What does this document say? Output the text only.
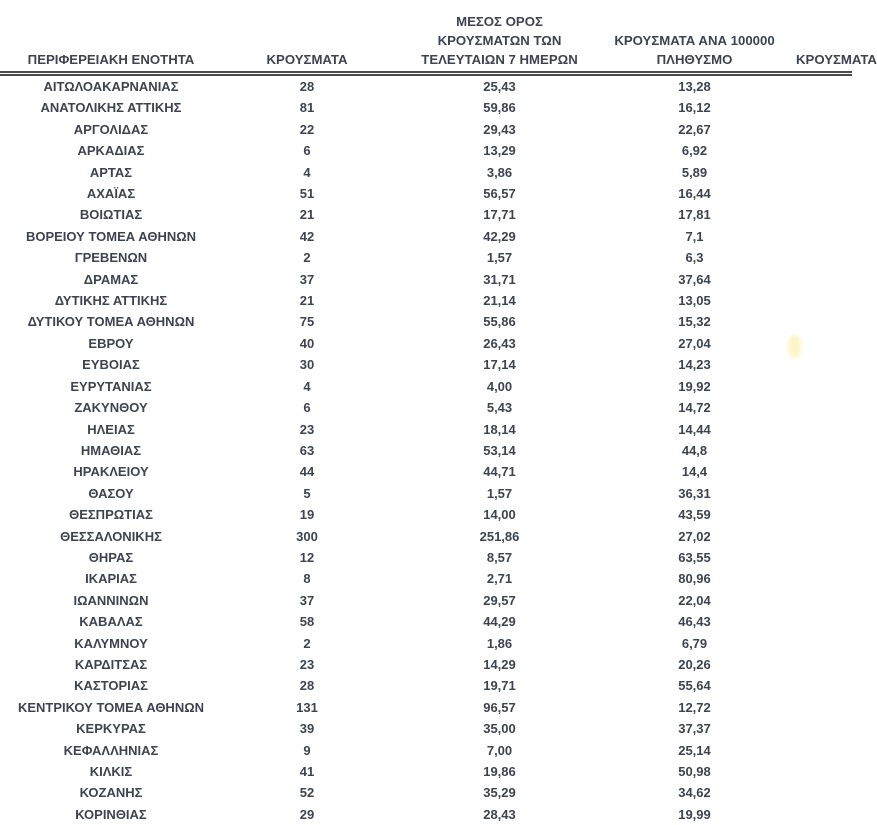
ΠΕΡΙΦΕΡΕΙΑΚΗ ΕΝΟΤΗΤΑ	ΚΡΟΥΣΜΑΤΑ	ΜΕΣΟΣ ΟΡΟΣ
ΚΡΟΥΣΜΑΤΩΝ ΤΩΝ
ΤΕΛΕΥΤΑΙΩΝ 7 ΗΜΕΡΩΝ	ΚΡΟΥΣΜΑΤΑ ΑΝΑ 100000
ΠΛΗΘΥΣΜΟ	ΚΡΟΥΣΜΑΤΑ
ΑΙΤΩΛΟΑΚΑΡΝΑΝΙΑΣ	28	25,43	13,28	
ΑΝΑΤΟΛΙΚΗΣ ΑΤΤΙΚΗΣ	81	59,86	16,12	
ΑΡΓΟΛΙΔΑΣ	22	29,43	22,67	
ΑΡΚΑΔΙΑΣ	6	13,29	6,92	
ΑΡΤΑΣ	4	3,86	5,89	
ΑΧΑΪΑΣ	51	56,57	16,44	
ΒΟΙΩΤΙΑΣ	21	17,71	17,81	
ΒΟΡΕΙΟΥ ΤΟΜΕΑ ΑΘΗΝΩΝ	42	42,29	7,1	
ΓΡΕΒΕΝΩΝ	2	1,57	6,3	
ΔΡΑΜΑΣ	37	31,71	37,64	
ΔΥΤΙΚΗΣ ΑΤΤΙΚΗΣ	21	21,14	13,05	
ΔΥΤΙΚΟΥ ΤΟΜΕΑ ΑΘΗΝΩΝ	75	55,86	15,32	
ΕΒΡΟΥ	40	26,43	27,04	
ΕΥΒΟΙΑΣ	30	17,14	14,23	
ΕΥΡΥΤΑΝΙΑΣ	4	4,00	19,92	
ΖΑΚΥΝΘΟΥ	6	5,43	14,72	
ΗΛΕΙΑΣ	23	18,14	14,44	
ΗΜΑΘΙΑΣ	63	53,14	44,8	
ΗΡΑΚΛΕΙΟΥ	44	44,71	14,4	
ΘΑΣΟΥ	5	1,57	36,31	
ΘΕΣΠΡΩΤΙΑΣ	19	14,00	43,59	
ΘΕΣΣΑΛΟΝΙΚΗΣ	300	251,86	27,02	
ΘΗΡΑΣ	12	8,57	63,55	
ΙΚΑΡΙΑΣ	8	2,71	80,96	
ΙΩΑΝΝΙΝΩΝ	37	29,57	22,04	
ΚΑΒΑΛΑΣ	58	44,29	46,43	
ΚΑΛΥΜΝΟΥ	2	1,86	6,79	
ΚΑΡΔΙΤΣΑΣ	23	14,29	20,26	
ΚΑΣΤΟΡΙΑΣ	28	19,71	55,64	
ΚΕΝΤΡΙΚΟΥ ΤΟΜΕΑ ΑΘΗΝΩΝ	131	96,57	12,72	
ΚΕΡΚΥΡΑΣ	39	35,00	37,37	
ΚΕΦΑΛΛΗΝΙΑΣ	9	7,00	25,14	
ΚΙΛΚΙΣ	41	19,86	50,98	
ΚΟΖΑΝΗΣ	52	35,29	34,62	
ΚΟΡΙΝΘΙΑΣ	29	28,43	19,99	
